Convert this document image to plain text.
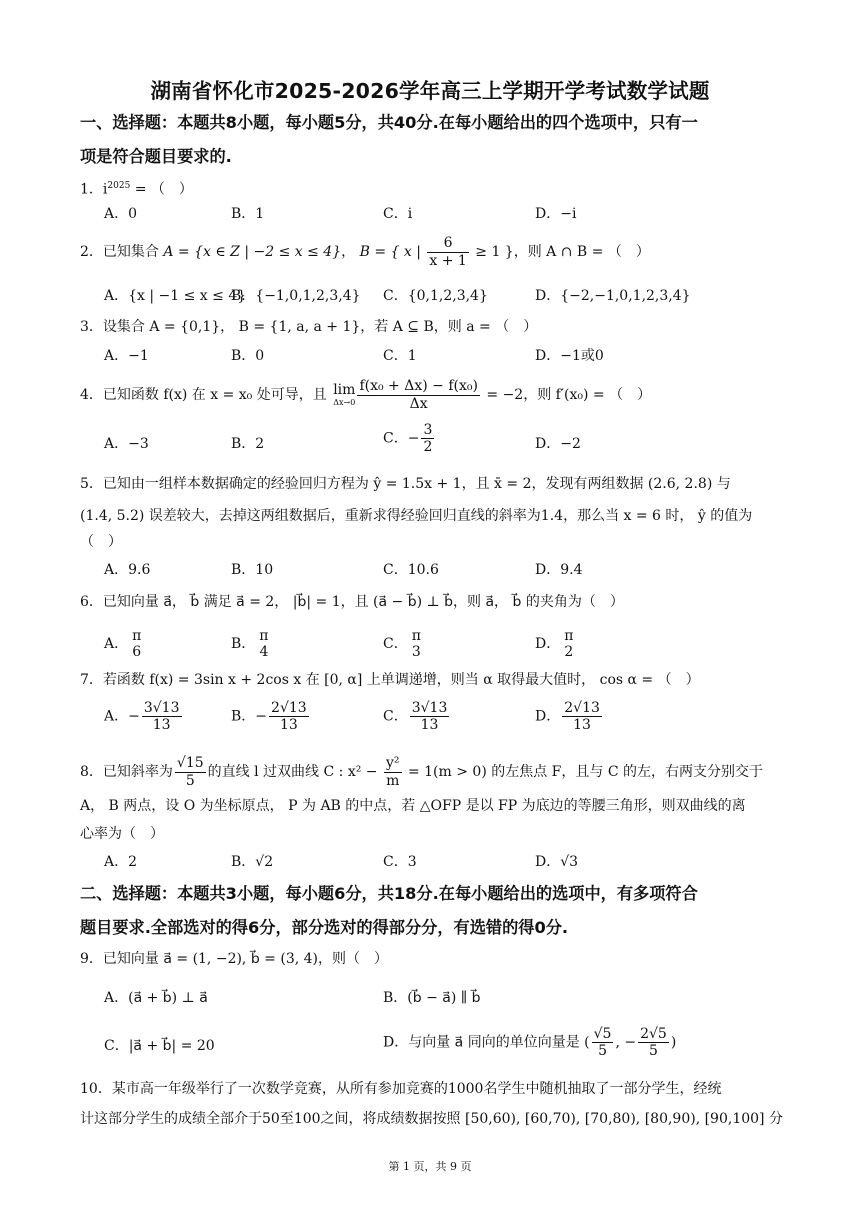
湖南省怀化市2025-2026学年高三上学期开学考试数学试题
一、选择题：本题共8小题，每小题5分，共40分.在每小题给出的四个选项中，只有一
项是符合题目要求的.
1．$i^{2025}$ = （　）
A．0	B．1	C．i	D．−i
2．已知集合 A = {x ∈ Z | −2 ≤ x ≤ 4}， B = { x | $\frac{6}{x + 1} \ge 1$ }，则 A ∩ B = （　）
A．{x | −1 ≤ x ≤ 4}
B．{−1,0,1,2,3,4} C．{0,1,2,3,4}	D．{−2,−1,0,1,2,3,4}
3．设集合 A = {0,1}， B = {1, a, a + 1}，若 A ⊆ B，则 a = （　）
A．−1	B．0	C．1	D．−1或0
4．已知函数 f(x) 在 x = x₀ 处可导，且 lim
$\Delta x\to 0 \frac{\text{f(x₀ + Δx) − f(x₀)}}{\Delta x} = -2$，则 f′(x₀) = （　）
A．−3	B．2	C．− $\frac{3}{2}$	D．−2
5．已知由一组样本数据确定的经验回归方程为 ŷ = 1.5x + 1，且 x̄ = 2，发现有两组数据 (2.6, 2.8) 与
(1.4, 5.2) 误差较大，去掉这两组数据后，重新求得经验回归直线的斜率为1.4，那么当 x = 6 时， ŷ 的值为
（　）
A．9.6	B．10	C．10.6	D．9.4
6．已知向量 a⃗， b⃗ 满足 a⃗ = 2， |b⃗| = 1，且 (a⃗ − b⃗) ⊥ b⃗，则 a⃗， b⃗ 的夹角为（　）
A．
π
6	B．
π
4	C．
π
3	D．
π
2
7．若函数 f(x) = 3sin x + 2cos x 在 [0, α] 上单调递增，则当 α 取得最大值时， cos α = （　）
A．− $\frac{3√13}{13}$	B．− $\frac{2√13}{13}$	C． $\frac{3√13}{13}$	D． $\frac{2√13}{13}$
8．已知斜率为 $\frac{√15}{5}$ 的直线 l 过双曲线 C : $x^2 - \frac{\text{y²}}{m} = 1(m > 0)$ 的左焦点 F，且与 C 的左，右两支分别交于
A， B 两点，设 O 为坐标原点， P 为 AB 的中点，若 △OFP 是以 FP 为底边的等腰三角形，则双曲线的离
心率为（　）
A．2	B．√2	C．3	D．√3
二、选择题：本题共3小题，每小题6分，共18分.在每小题给出的选项中，有多项符合
题目要求.全部选对的得6分，部分选对的得部分分，有选错的得0分.
9．已知向量 a⃗ = (1, −2), b⃗ = (3, 4)，则（　）
A．(a⃗ + b⃗) ⊥ a⃗	B．(b⃗ − a⃗) ∥ b⃗
C．|a⃗ + b⃗| = 20	D．与向量 a⃗ 同向的单位向量是 ( $\frac{√5}{5}$ , − $\frac{2√5}{5}$ )
10．某市高一年级举行了一次数学竞赛，从所有参加竞赛的1000名学生中随机抽取了一部分学生，经统
计这部分学生的成绩全部介于50至100之间，将成绩数据按照 [50,60), [60,70), [70,80), [80,90), [90,100] 分
第 1 页，共 9 页
